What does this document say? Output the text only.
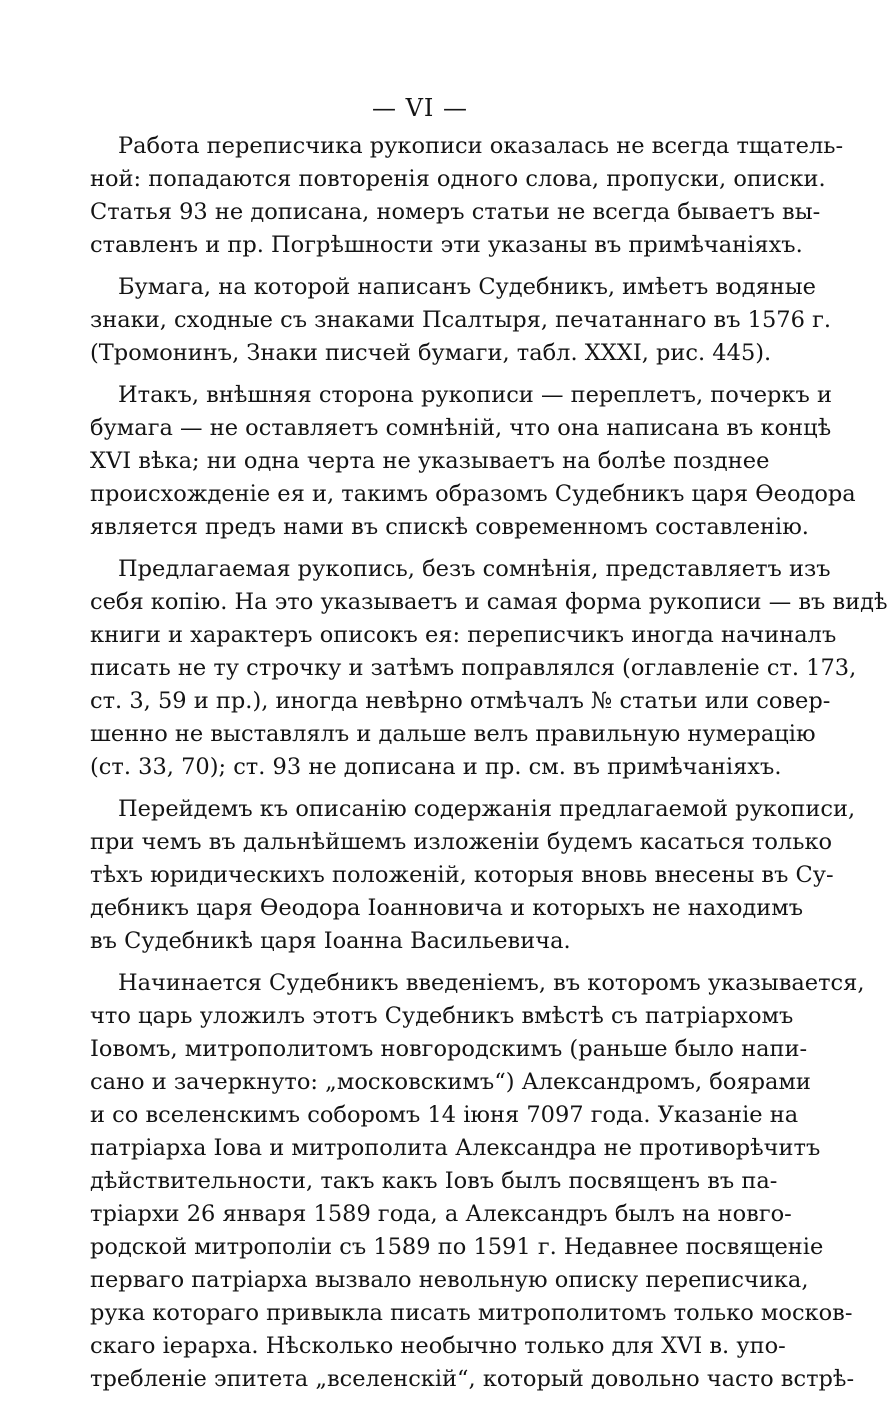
— VI —
Работа переписчика рукописи оказалась не всегда тщатель-
ной: попадаются повторенія одного слова, пропуски, описки.
Статья 93 не дописана, номеръ статьи не всегда бываетъ вы-
ставленъ и пр. Погрѣшности эти указаны въ примѣчаніяхъ.
Бумага, на которой написанъ Судебникъ, имѣетъ водяные
знаки, сходные съ знаками Псалтыря, печатаннаго въ 1576 г.
(Тромонинъ, Знаки писчей бумаги, табл. XXXI, рис. 445).
Итакъ, внѣшняя сторона рукописи — переплетъ, почеркъ и
бумага — не оставляетъ сомнѣній, что она написана въ концѣ
XVI вѣка; ни одна черта не указываетъ на болѣе позднее
происхожденіе ея и, такимъ образомъ Судебникъ царя Ѳеодора
является предъ нами въ спискѣ современномъ составленію.
Предлагаемая рукопись, безъ сомнѣнія, представляетъ изъ
себя копію. На это указываетъ и самая форма рукописи — въ видѣ
книги и характеръ описокъ ея: переписчикъ иногда начиналъ
писать не ту строчку и затѣмъ поправлялся (оглавленіе ст. 173,
ст. 3, 59 и пр.), иногда невѣрно отмѣчалъ № статьи или совер-
шенно не выставлялъ и дальше велъ правильную нумерацію
(ст. 33, 70); ст. 93 не дописана и пр. см. въ примѣчаніяхъ.
Перейдемъ къ описанію содержанія предлагаемой рукописи,
при чемъ въ дальнѣйшемъ изложеніи будемъ касаться только
тѣхъ юридическихъ положеній, которыя вновь внесены въ Су-
дебникъ царя Ѳеодора Іоанновича и которыхъ не находимъ
въ Судебникѣ царя Іоанна Васильевича.
Начинается Судебникъ введеніемъ, въ которомъ указывается,
что царь уложилъ этотъ Судебникъ вмѣстѣ съ патріархомъ
Іовомъ, митрополитомъ новгородскимъ (раньше было напи-
сано и зачеркнуто: „московскимъ“) Александромъ, боярами
и со вселенскимъ соборомъ 14 іюня 7097 года. Указаніе на
патріарха Іова и митрополита Александра не противорѣчитъ
дѣйствительности, такъ какъ Іовъ былъ посвященъ въ па-
тріархи 26 января 1589 года, а Александръ былъ на новго-
родской митрополіи съ 1589 по 1591 г. Недавнее посвященіе
перваго патріарха вызвало невольную описку переписчика,
рука котораго привыкла писать митрополитомъ только москов-
скаго іерарха. Нѣсколько необычно только для XVI в. упо-
требленіе эпитета „вселенскій“, который довольно часто встрѣ-
